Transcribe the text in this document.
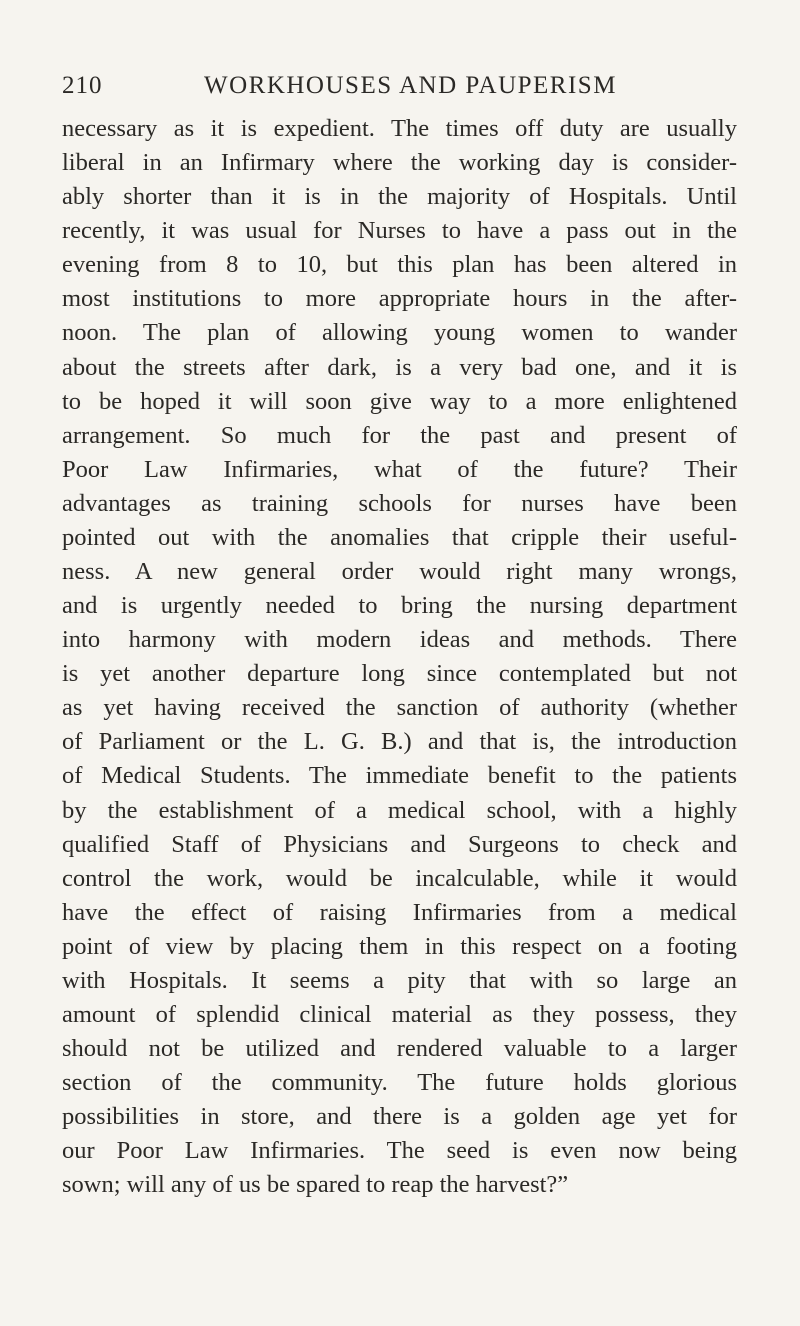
210	WORKHOUSES AND PAUPERISM
necessary as it is expedient. The times off duty are usually
liberal in an Infirmary where the working day is consider-
ably shorter than it is in the majority of Hospitals. Until
recently, it was usual for Nurses to have a pass out in the
evening from 8 to 10, but this plan has been altered in
most institutions to more appropriate hours in the after-
noon. The plan of allowing young women to wander
about the streets after dark, is a very bad one, and it is
to be hoped it will soon give way to a more enlightened
arrangement. So much for the past and present of
Poor Law Infirmaries, what of the future? Their
advantages as training schools for nurses have been
pointed out with the anomalies that cripple their useful-
ness. A new general order would right many wrongs,
and is urgently needed to bring the nursing department
into harmony with modern ideas and methods. There
is yet another departure long since contemplated but not
as yet having received the sanction of authority (whether
of Parliament or the L. G. B.) and that is, the introduction
of Medical Students. The immediate benefit to the patients
by the establishment of a medical school, with a highly
qualified Staff of Physicians and Surgeons to check and
control the work, would be incalculable, while it would
have the effect of raising Infirmaries from a medical
point of view by placing them in this respect on a footing
with Hospitals. It seems a pity that with so large an
amount of splendid clinical material as they possess, they
should not be utilized and rendered valuable to a larger
section of the community. The future holds glorious
possibilities in store, and there is a golden age yet for
our Poor Law Infirmaries. The seed is even now being
sown; will any of us be spared to reap the harvest?”
